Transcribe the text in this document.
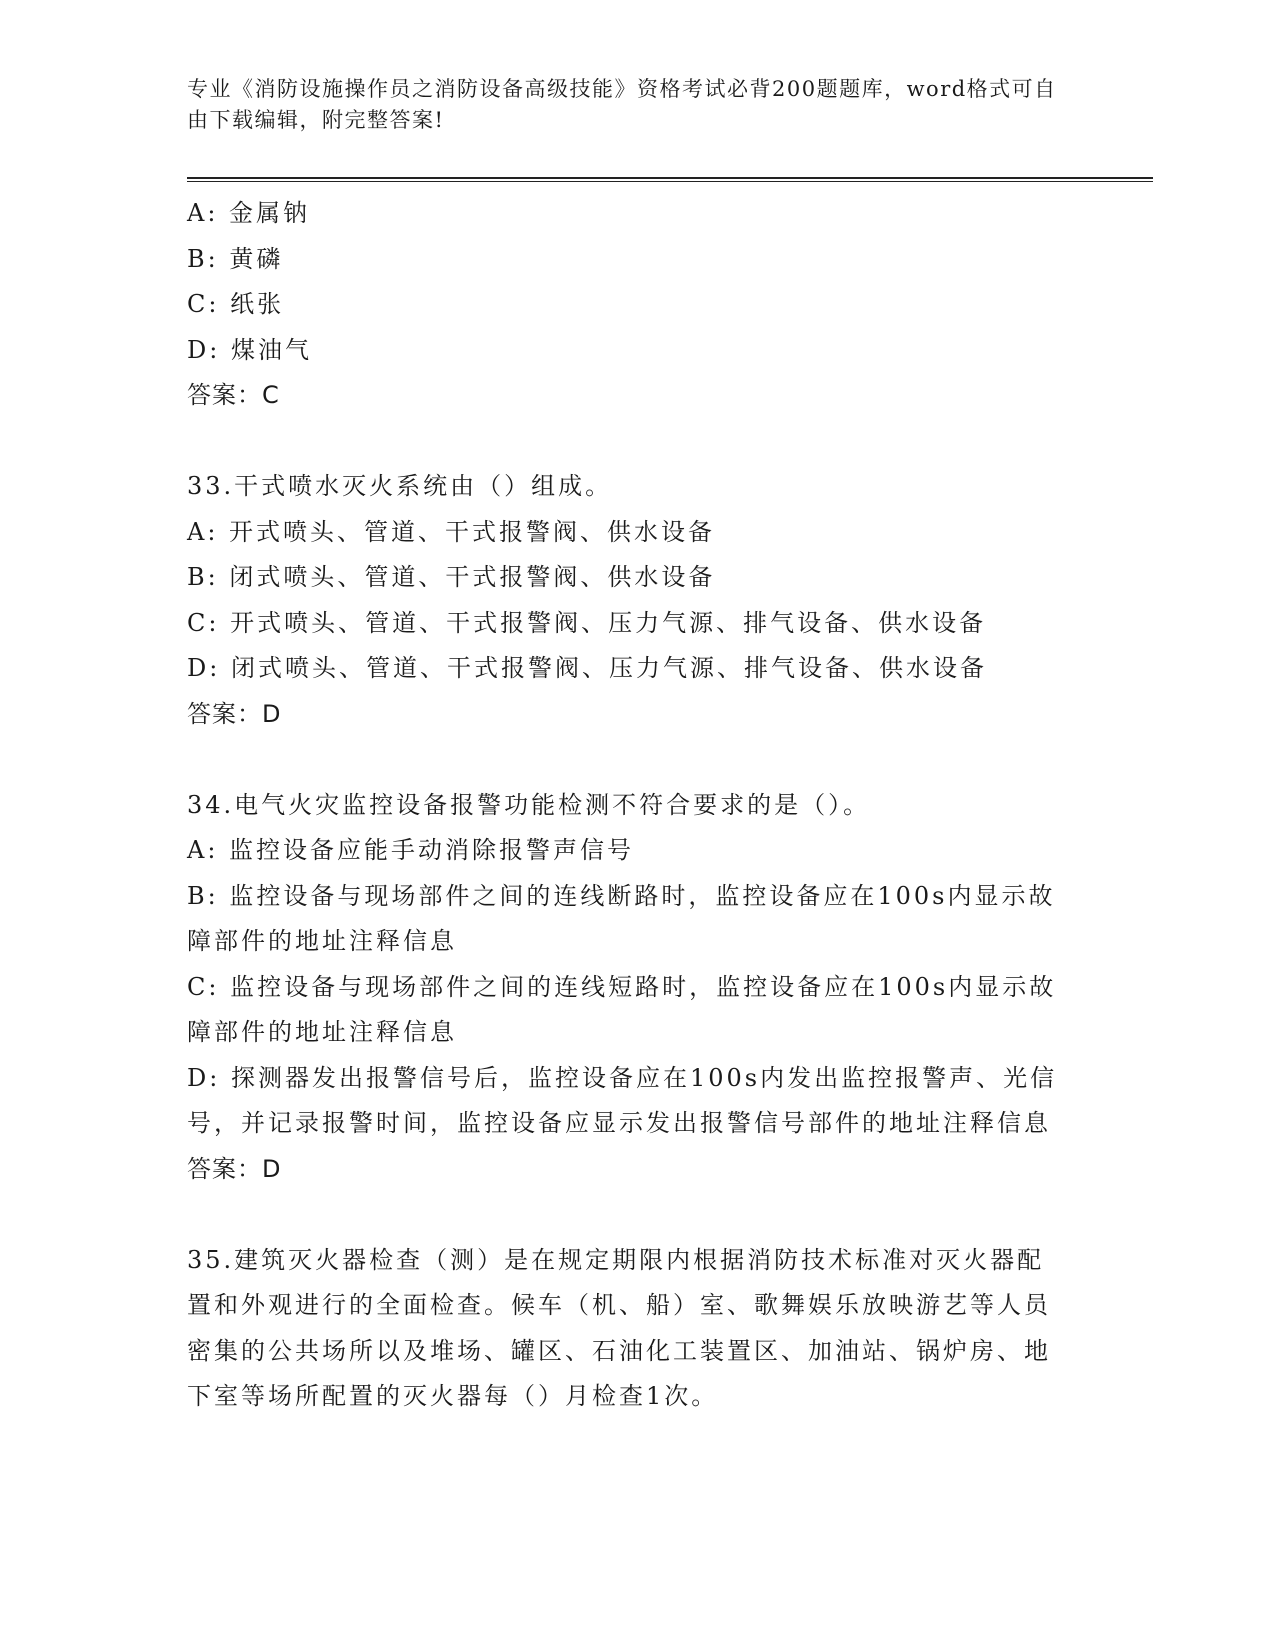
专业《消防设施操作员之消防设备高级技能》资格考试必背200题题库，word格式可自由下载编辑，附完整答案!
A: 金属钠
B: 黄磷
C: 纸张
D: 煤油气
答案：C
33.干式喷水灭火系统由（）组成。
A: 开式喷头、管道、干式报警阀、供水设备
B: 闭式喷头、管道、干式报警阀、供水设备
C: 开式喷头、管道、干式报警阀、压力气源、排气设备、供水设备
D: 闭式喷头、管道、干式报警阀、压力气源、排气设备、供水设备
答案：D
34.电气火灾监控设备报警功能检测不符合要求的是（）。
A: 监控设备应能手动消除报警声信号
B: 监控设备与现场部件之间的连线断路时，监控设备应在100s内显示故障部件的地址注释信息
C: 监控设备与现场部件之间的连线短路时，监控设备应在100s内显示故障部件的地址注释信息
D: 探测器发出报警信号后，监控设备应在100s内发出监控报警声、光信号，并记录报警时间，监控设备应显示发出报警信号部件的地址注释信息
答案：D
35.建筑灭火器检查（测）是在规定期限内根据消防技术标准对灭火器配置和外观进行的全面检查。候车（机、船）室、歌舞娱乐放映游艺等人员密集的公共场所以及堆场、罐区、石油化工装置区、加油站、锅炉房、地下室等场所配置的灭火器每（）月检查1次。
